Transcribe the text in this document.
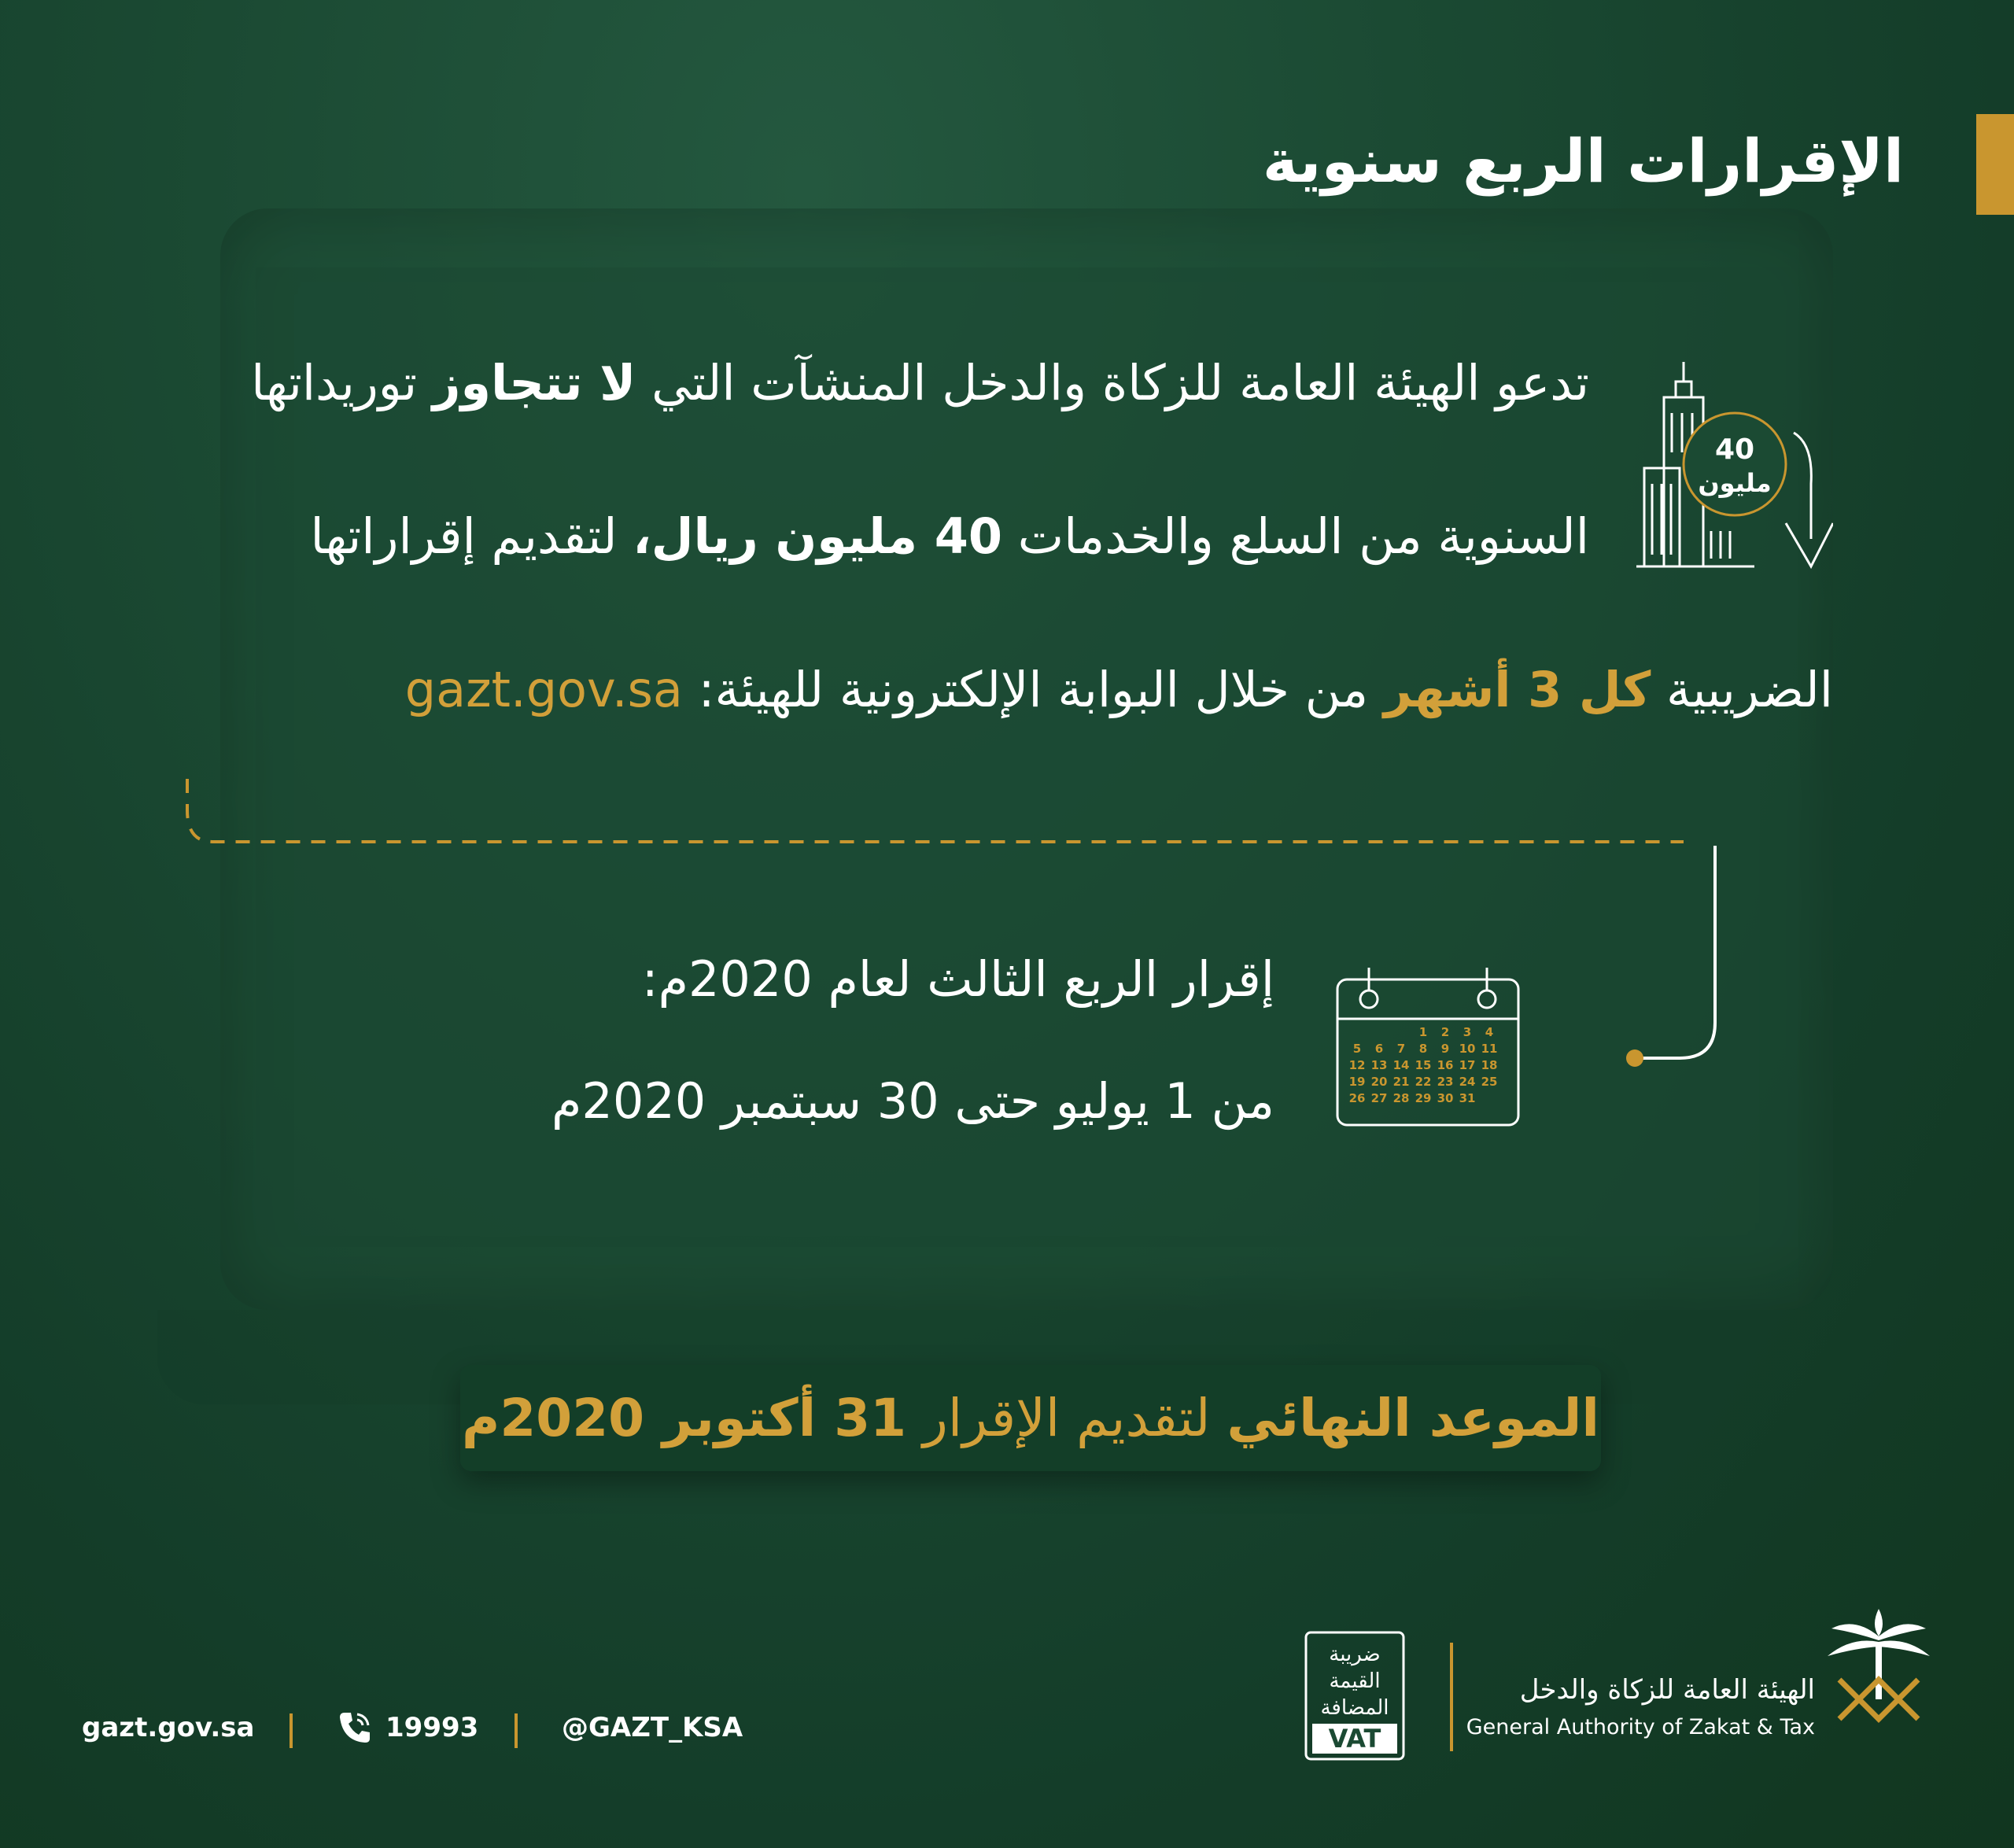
الإقرارات الربع سنوية
تدعو الهيئة العامة للزكاة والدخل المنشآت التي لا تتجاوز توريداتها
السنوية من السلع والخدمات 40 مليون ريال، لتقديم إقراراتها
الضريبية كل 3 أشهر من خلال البوابة الإلكترونية للهيئة: gazt.gov.sa
40
مليون
1 2 3 4
5 6 7 8 9 10 11
12 13 14 15 16 17 18
19 20 21 22 23 24 25
26 27 28 29 30 31
إقرار الربع الثالث لعام 2020م:
من 1 يوليو حتى 30 سبتمبر 2020م
الموعد النهائي لتقديم الإقرار 31 أكتوبر 2020م
الهيئة العامة للزكاة والدخل
General Authority of Zakat & Tax
ضريبة
القيمة
المضافة
VAT
gazt.gov.sa	19993	@GAZT_KSA
